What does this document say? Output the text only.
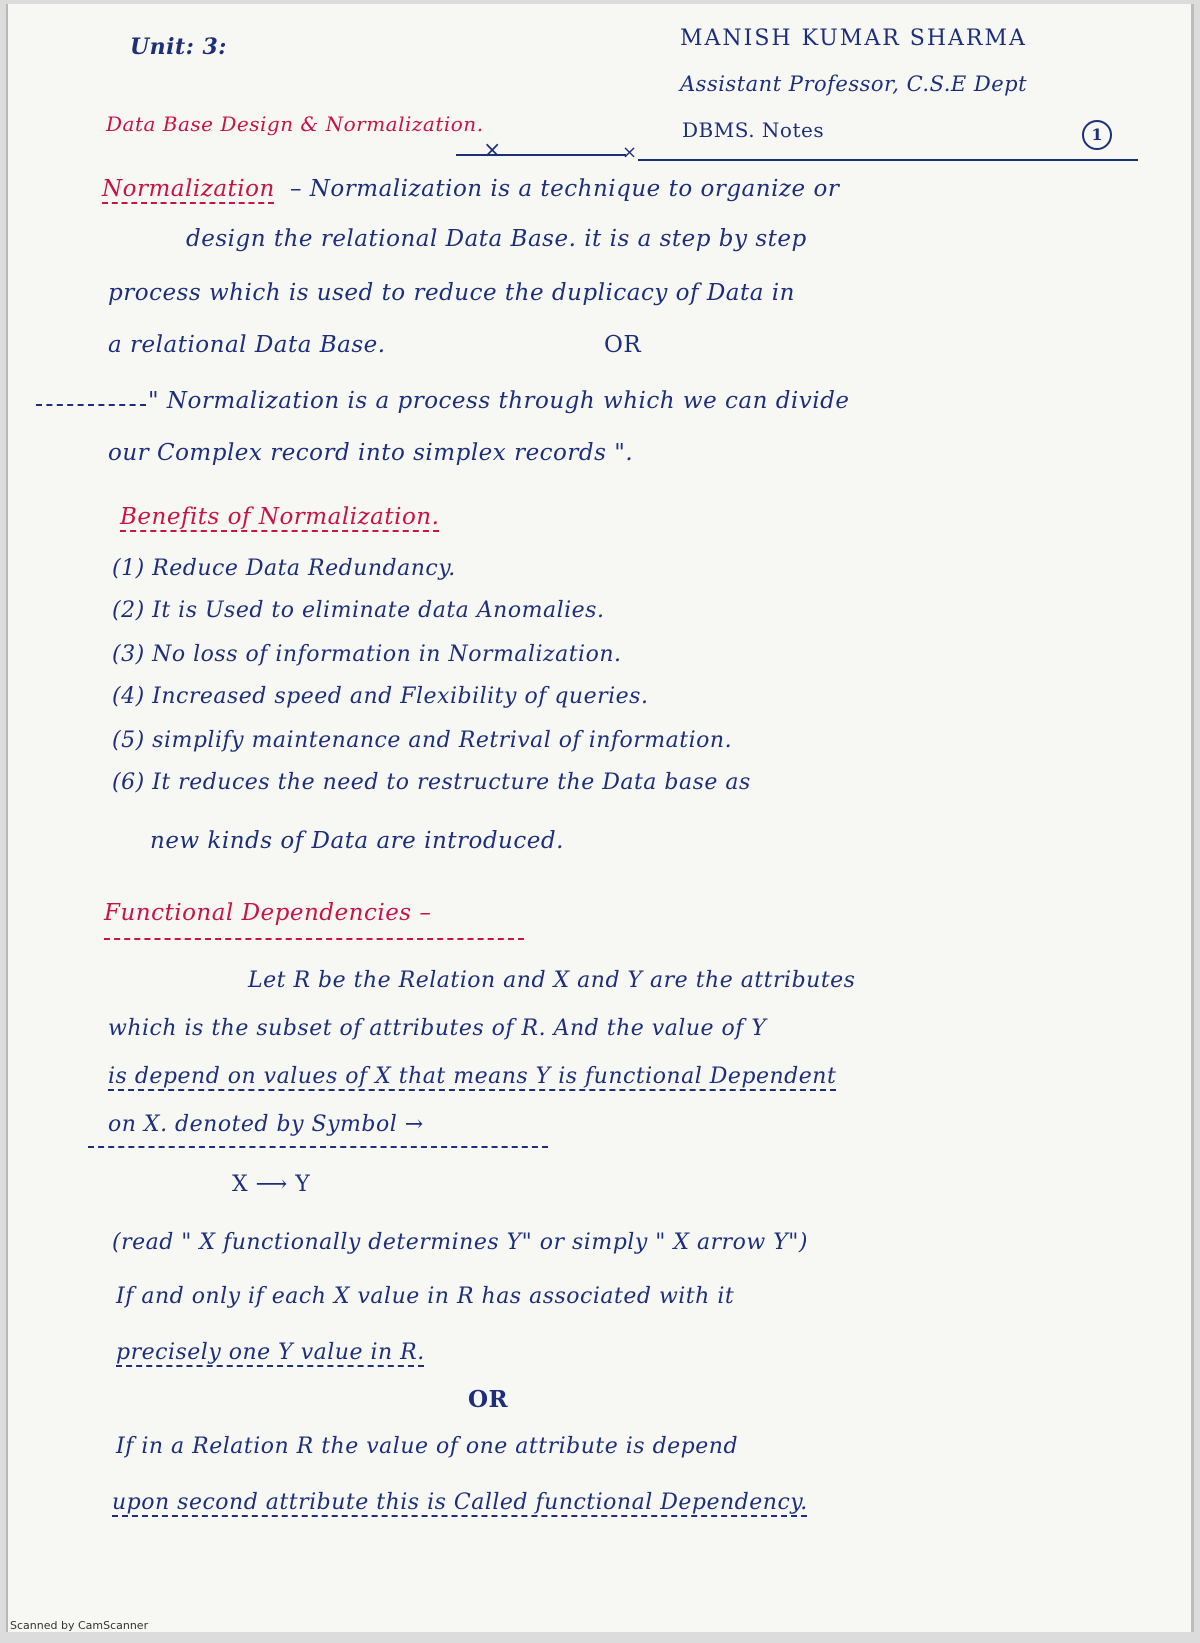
Unit: 3:	MANISH KUMAR SHARMA
Assistant Professor, C.S.E Dept
Data Base Design & Normalization.	DBMS. Notes	1
×	×
Normalization – Normalization is a technique to organize or
design the relational Data Base. it is a step by step
process which is used to reduce the duplicacy of Data in
a relational Data Base.	OR
" Normalization is a process through which we can divide
our Complex record into simplex records ".
Benefits of Normalization.
(1) Reduce Data Redundancy.
(2) It is Used to eliminate data Anomalies.
(3) No loss of information in Normalization.
(4) Increased speed and Flexibility of queries.
(5) simplify maintenance and Retrival of information.
(6) It reduces the need to restructure the Data base as
new kinds of Data are introduced.
Functional Dependencies –
Let R be the Relation and X and Y are the attributes
which is the subset of attributes of R. And the value of Y
is depend on values of X that means Y is functional Dependent
on X. denoted by Symbol →
X ⟶ Y
(read " X functionally determines Y" or simply " X arrow Y")
If and only if each X value in R has associated with it
precisely one Y value in R.
OR
If in a Relation R the value of one attribute is depend
upon second attribute this is Called functional Dependency.
Scanned by CamScanner
